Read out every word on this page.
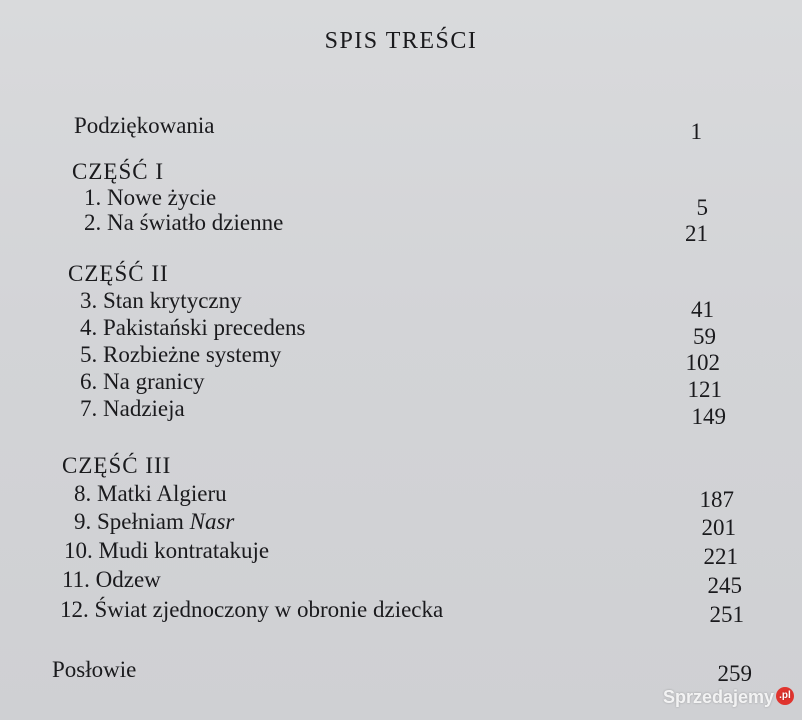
SPIS TREŚCI
Podziękowania	1
CZĘŚĆ I
1. Nowe życie	5
2. Na światło dzienne	21
CZĘŚĆ II
3. Stan krytyczny	41
4. Pakistański precedens	59
5. Rozbieżne systemy	102
6. Na granicy	121
7. Nadzieja	149
CZĘŚĆ III
8. Matki Algieru	187
9. Spełniam Nasr	201
10. Mudi kontratakuje	221
11. Odzew	245
12. Świat zjednoczony w obronie dziecka	251
Posłowie	259
Sprzedajemy .pl
